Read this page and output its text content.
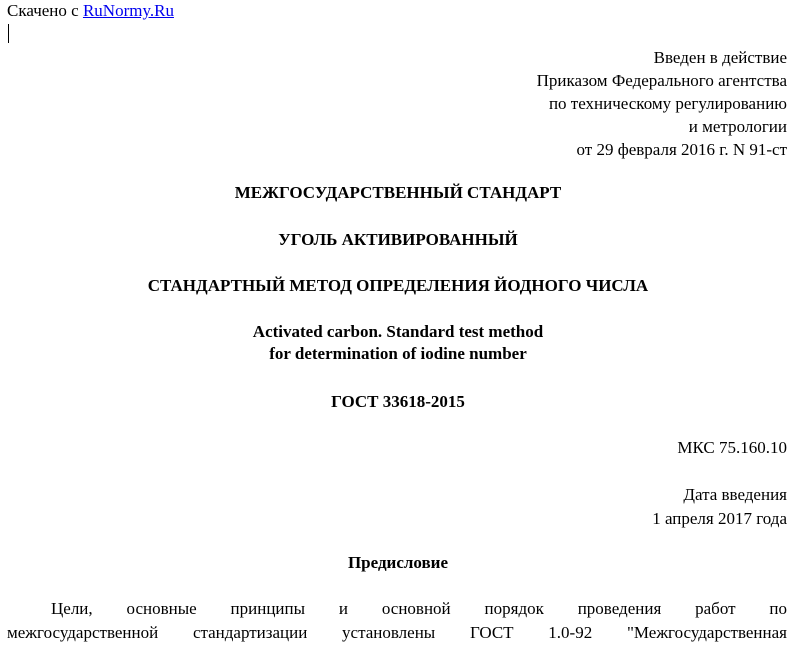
Скачено с RuNormy.Ru
Введен в действие
Приказом Федерального агентства
по техническому регулированию
и метрологии
от 29 февраля 2016 г. N 91-ст
МЕЖГОСУДАРСТВЕННЫЙ СТАНДАРТ
УГОЛЬ АКТИВИРОВАННЫЙ
СТАНДАРТНЫЙ МЕТОД ОПРЕДЕЛЕНИЯ ЙОДНОГО ЧИСЛА
Activated carbon. Standard test method
for determination of iodine number
ГОСТ 33618-2015
МКС 75.160.10
Дата введения
1 апреля 2017 года
Предисловие
Цели, основные принципы и основной порядок проведения работ по
межгосударственной стандартизации установлены ГОСТ 1.0-92 "Межгосударственная
